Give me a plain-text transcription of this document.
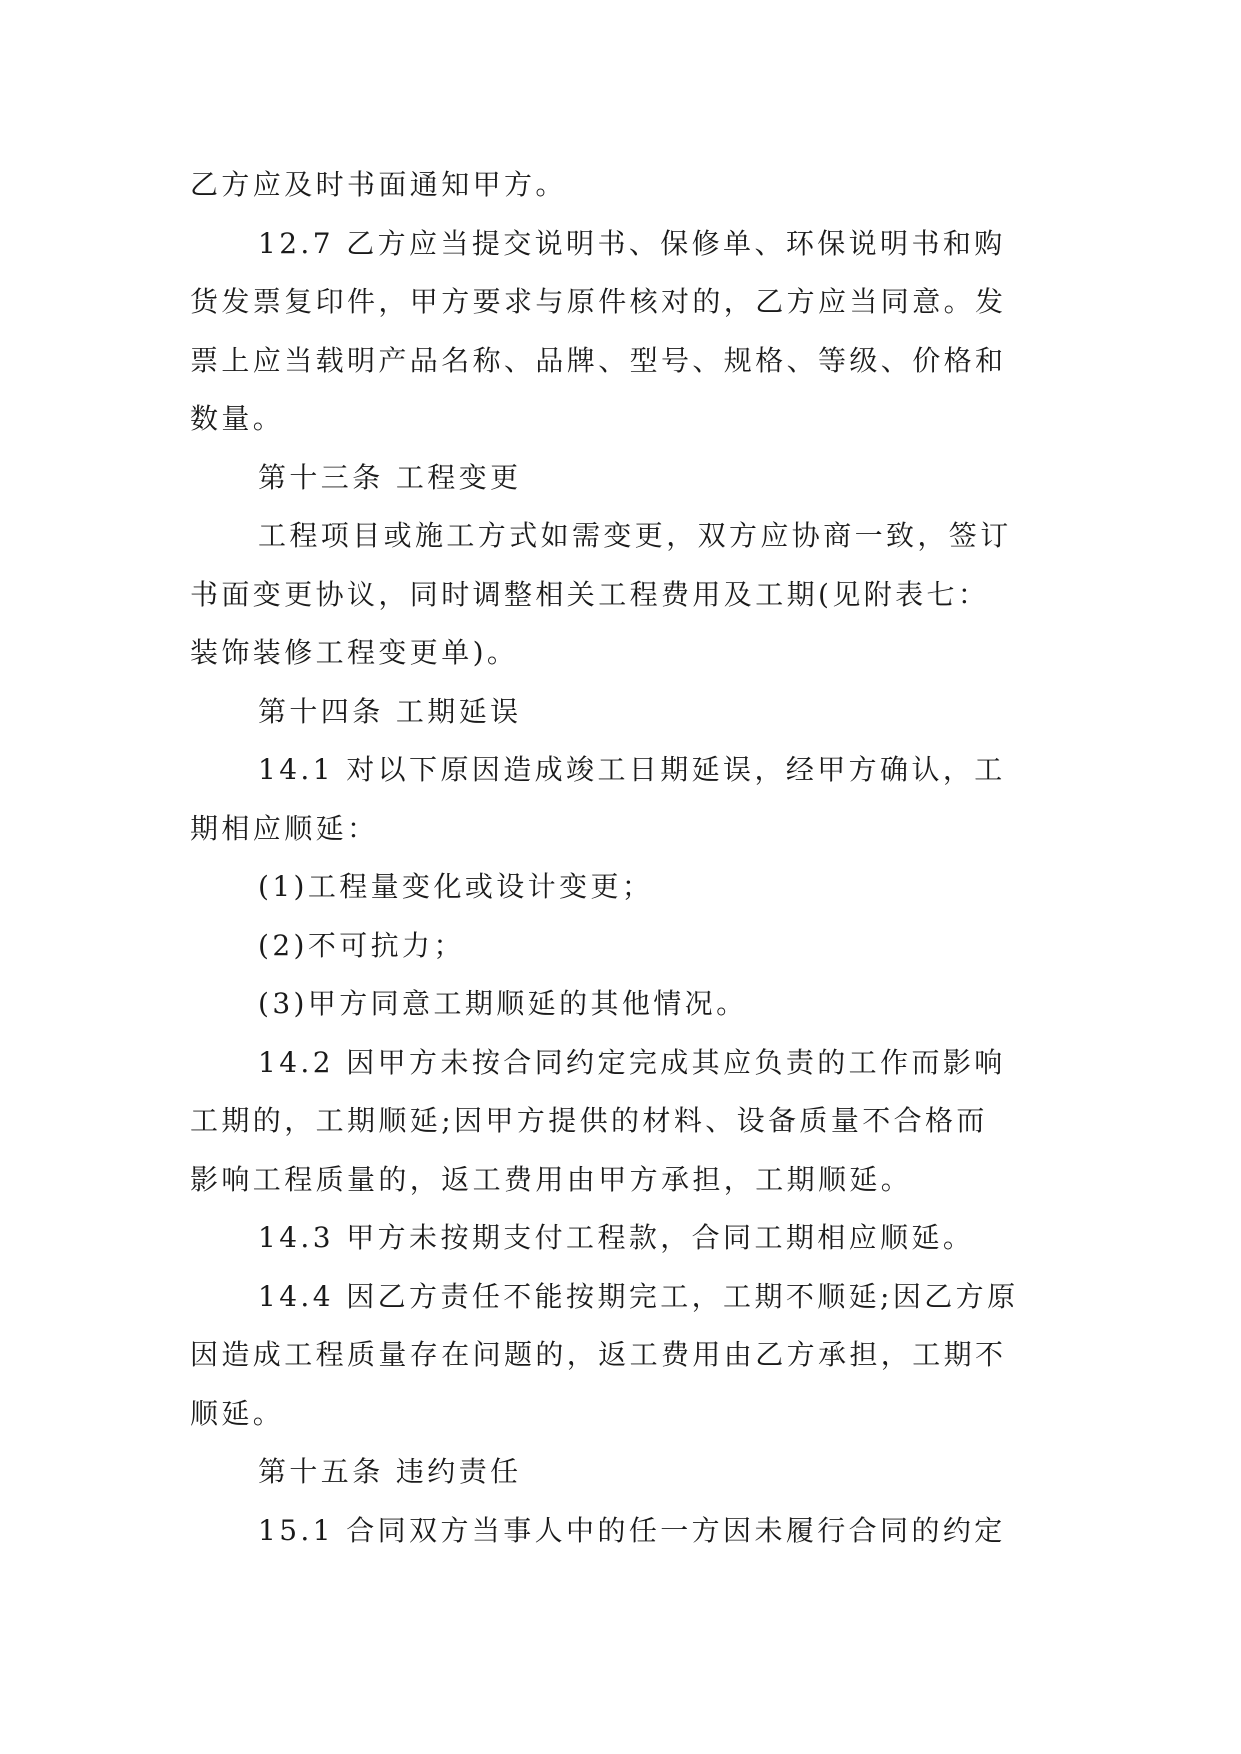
乙方应及时书面通知甲方。
12.7 乙方应当提交说明书、保修单、环保说明书和购
货发票复印件，甲方要求与原件核对的，乙方应当同意。发
票上应当载明产品名称、品牌、型号、规格、等级、价格和
数量。
第十三条 工程变更
工程项目或施工方式如需变更，双方应协商一致，签订
书面变更协议，同时调整相关工程费用及工期(见附表七：
装饰装修工程变更单)。
第十四条 工期延误
14.1 对以下原因造成竣工日期延误，经甲方确认，工
期相应顺延：
(1)工程量变化或设计变更；
(2)不可抗力；
(3)甲方同意工期顺延的其他情况。
14.2 因甲方未按合同约定完成其应负责的工作而影响
工期的，工期顺延;因甲方提供的材料、设备质量不合格而
影响工程质量的，返工费用由甲方承担，工期顺延。
14.3 甲方未按期支付工程款，合同工期相应顺延。
14.4 因乙方责任不能按期完工，工期不顺延;因乙方原
因造成工程质量存在问题的，返工费用由乙方承担，工期不
顺延。
第十五条 违约责任
15.1 合同双方当事人中的任一方因未履行合同的约定
